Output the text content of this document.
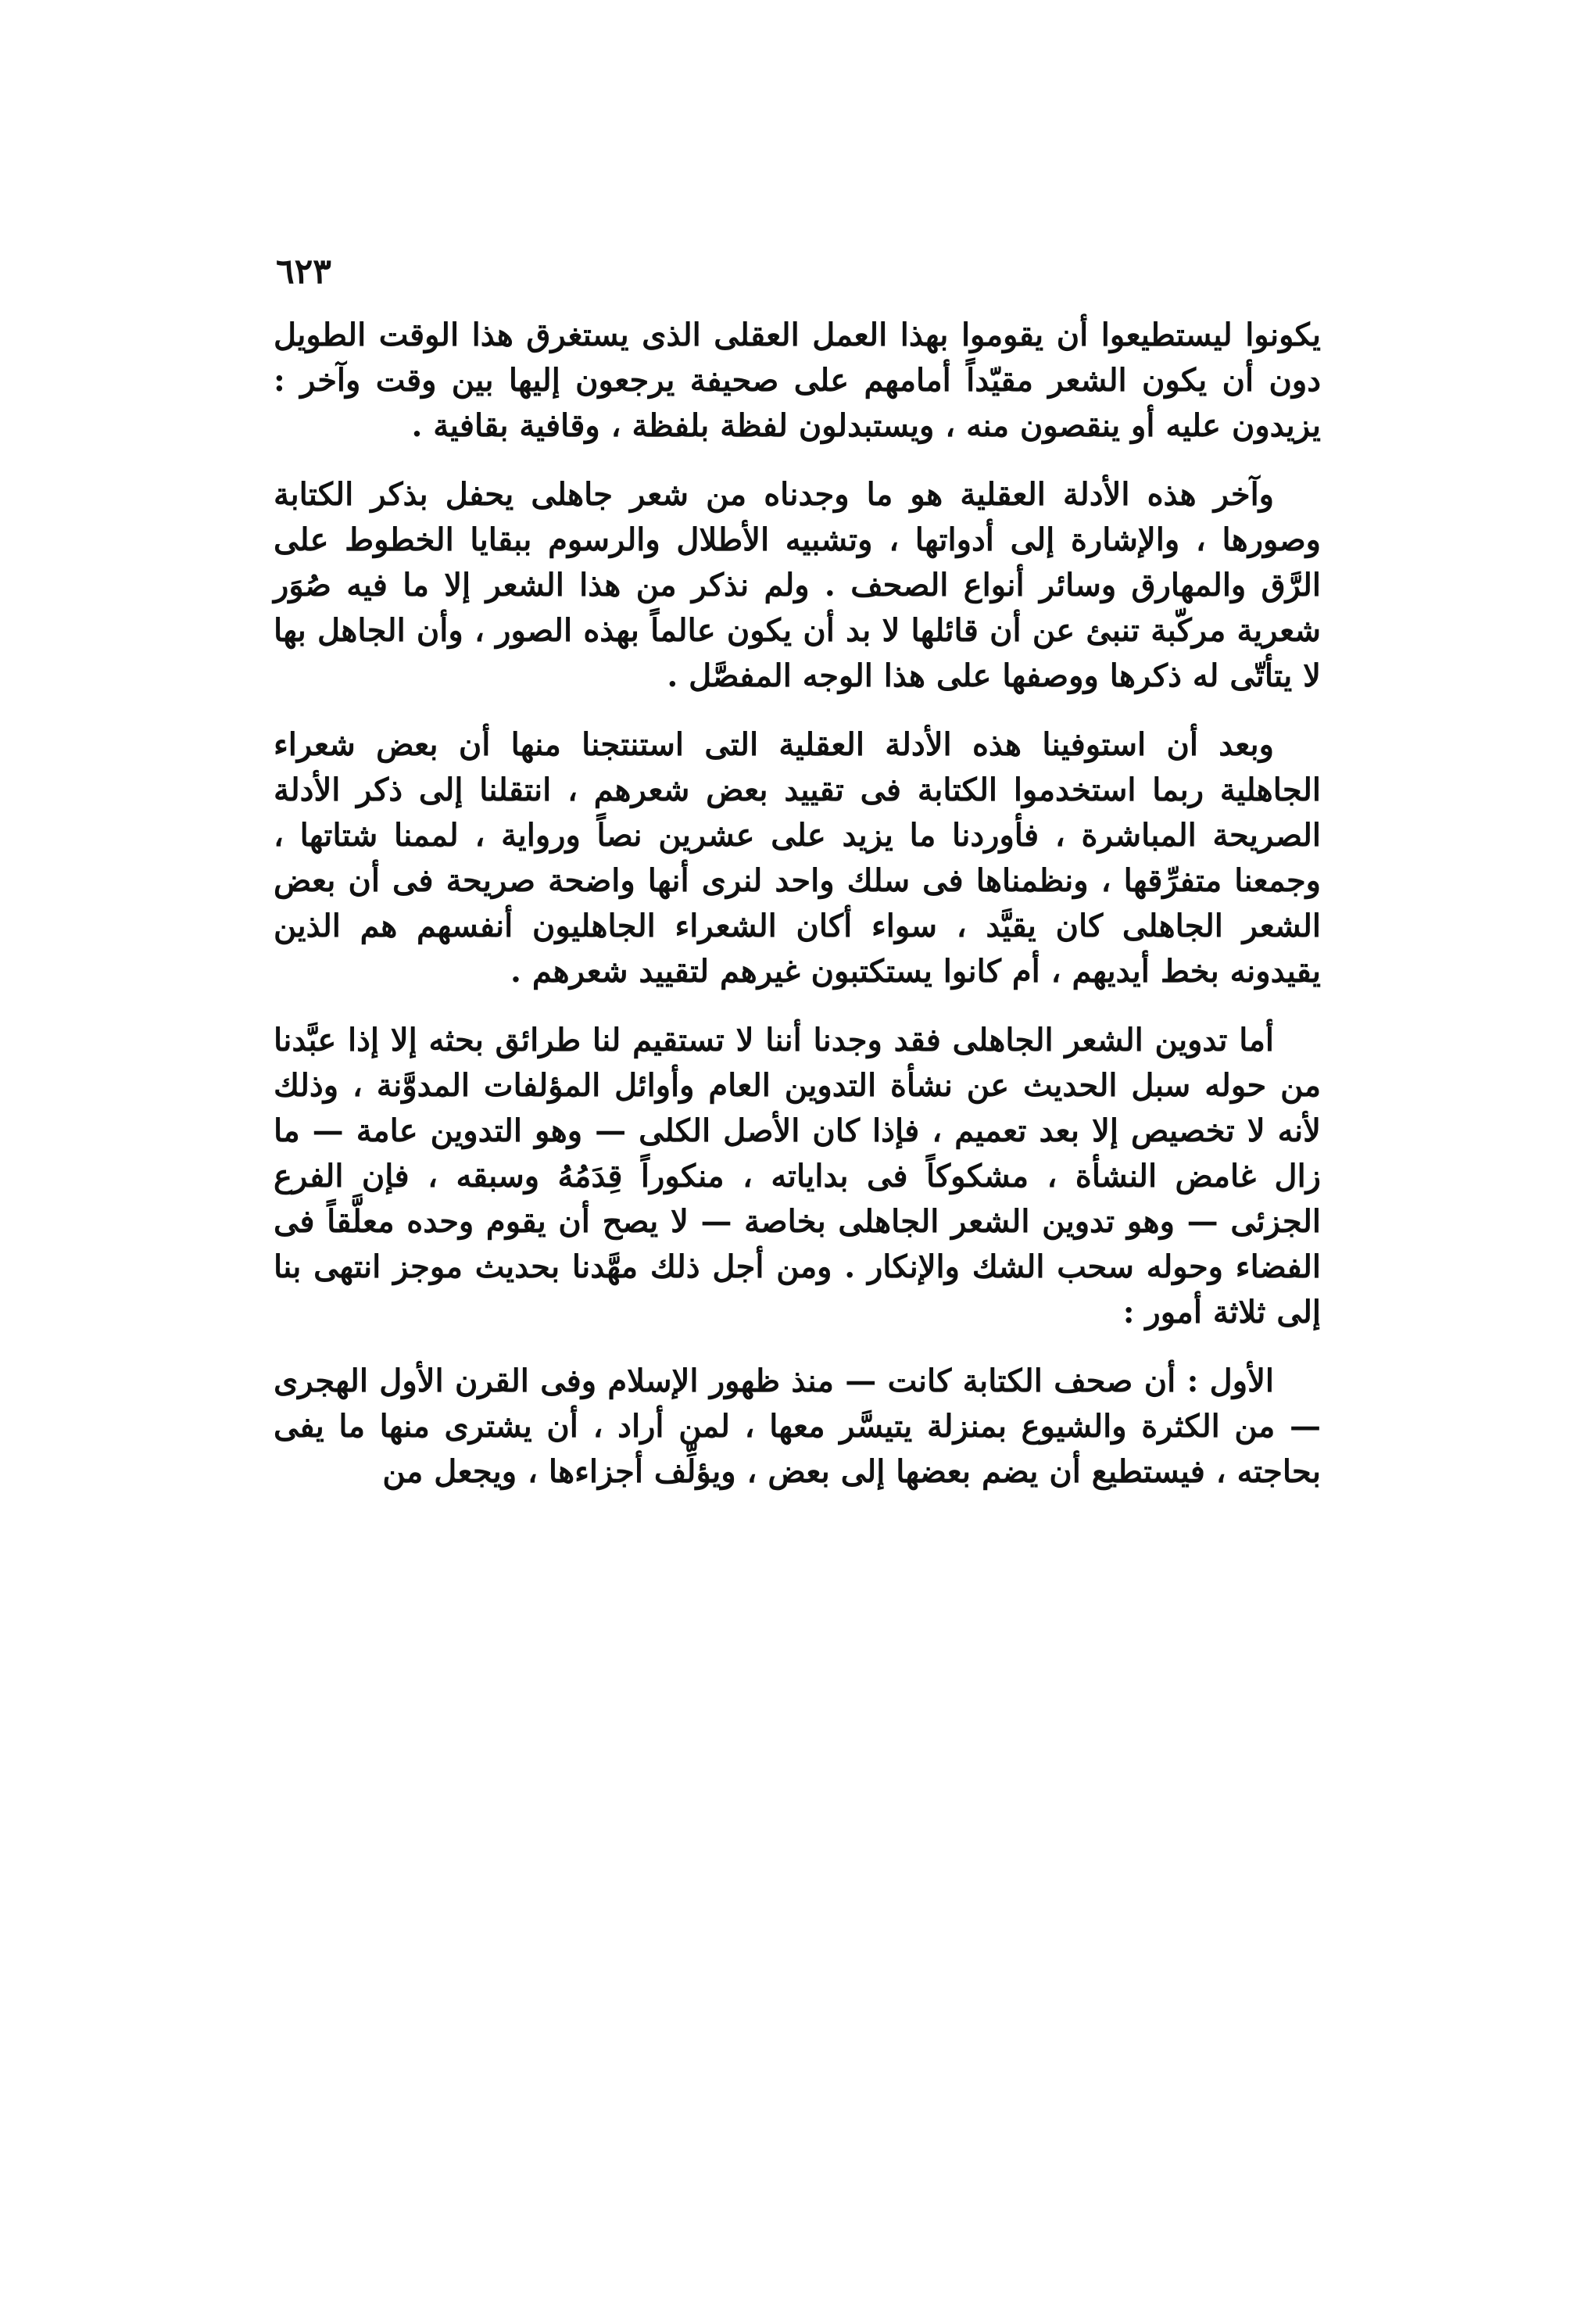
٦٢٣

يكونوا ليستطيعوا أن يقوموا بهذا العمل العقلى الذى يستغرق هذا الوقت الطويل دون أن يكون الشعر مقيّداً أمامهم على صحيفة يرجعون إليها بين وقت وآخر : يزيدون عليه أو ينقصون منه ، ويستبدلون لفظة بلفظة ، وقافية بقافية .

وآخر هذه الأدلة العقلية هو ما وجدناه من شعر جاهلى يحفل بذكر الكتابة وصورها ، والإشارة إلى أدواتها ، وتشبيه الأطلال والرسوم ببقايا الخطوط على الرَّق والمهارق وسائر أنواع الصحف . ولم نذكر من هذا الشعر إلا ما فيه صُوَر شعرية مركّبة تنبئ عن أن قائلها لا بد أن يكون عالماً بهذه الصور ، وأن الجاهل بها لا يتأتّى له ذكرها ووصفها على هذا الوجه المفصَّل .

وبعد أن استوفينا هذه الأدلة العقلية التى استنتجنا منها أن بعض شعراء الجاهلية ربما استخدموا الكتابة فى تقييد بعض شعرهم ، انتقلنا إلى ذكر الأدلة الصريحة المباشرة ، فأوردنا ما يزيد على عشرين نصاً ورواية ، لممنا شتاتها ، وجمعنا متفرِّقها ، ونظمناها فى سلك واحد لنرى أنها واضحة صريحة فى أن بعض الشعر الجاهلى كان يقيَّد ، سواء أكان الشعراء الجاهليون أنفسهم هم الذين يقيدونه بخط أيديهم ، أم كانوا يستكتبون غيرهم لتقييد شعرهم .

أما تدوين الشعر الجاهلى فقد وجدنا أننا لا تستقيم لنا طرائق بحثه إلا إذا عبَّدنا من حوله سبل الحديث عن نشأة التدوين العام وأوائل المؤلفات المدوَّنة ، وذلك لأنه لا تخصيص إلا بعد تعميم ، فإذا كان الأصل الكلى — وهو التدوين عامة — ما زال غامض النشأة ، مشكوكاً فى بداياته ، منكوراً قِدَمُهُ وسبقه ، فإن الفرع الجزئى — وهو تدوين الشعر الجاهلى بخاصة — لا يصح أن يقوم وحده معلَّقاً فى الفضاء وحوله سحب الشك والإنكار . ومن أجل ذلك مهَّدنا بحديث موجز انتهى بنا إلى ثلاثة أمور :

الأول : أن صحف الكتابة كانت — منذ ظهور الإسلام وفى القرن الأول الهجرى — من الكثرة والشيوع بمنزلة يتيسَّر معها ، لمن أراد ، أن يشترى منها ما يفى بحاجته ، فيستطيع أن يضم بعضها إلى بعض ، ويؤلِّف أجزاءها ، ويجعل من
